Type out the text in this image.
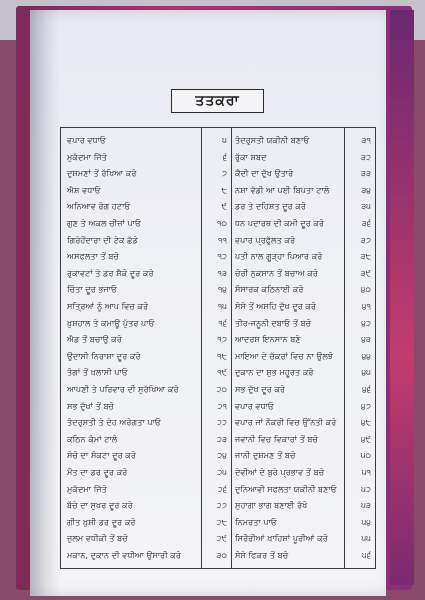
ਤਤਕਰਾ
ਵਪਾਰ ਵਧਾਓ	੫
ਮੁਕੱਦਮਾ ਜਿੱਤੋ	੬
ਦੁਸ਼ਮਣਾਂ ਤੋਂ ਰੱਖਿਆ ਕਰੋ	੭
ਐਸ਼ ਵਧਾਓ	੮
ਅਨਿਆਵ ਰੋਗ ਹਟਾਓ	੯
ਗੁਣ ਤੇ ਅਕਲ ਚੀਜ਼ਾਂ ਪਾਓ	੧੦
ਗਿਰੇਹੋਂਦਾਰਾ ਦੀ ਟੇਕ ਛੱਡੋ	੧੧
ਅਸਫਲਤਾ ਤੋਂ ਬਚੋ	੧੨
ਰੁਕਾਵਟਾਂ ਤੇ ਡਰ ਸ਼ੈਕੋ ਦੂਰ ਕਰੋ	੧੩
ਚਿੰਤਾ ਦੂਰ ਭਜਾਓ	੧੪
ਸਤ੍ਰਿਆਂ ਨੂੰ ਆਪ ਵਿਚ ਕਰੋ	੧੫
ਖੁਸ਼ਹਾਲ ਤੇ ਕਮਾਊ ਪੁੱਤਰ ਪਾਓ	੧੬
ਐਡ ਤੋਂ ਬਚਾਉ ਕਰੋ	੧੭
ਉਦਾਸੀ ਨਿਰਾਸ਼ਾ ਦੂਰ ਕਰੋ	੧੮
ਤੰਗਾਂ ਤੋਂ ਖ਼ਲਾਸੀ ਪਾਓ	੧੯
ਆਪਣੀ ਤੇ ਪਰਿਵਾਰ ਦੀ ਸੁਰੱਖਿਆ ਕਰੋ	੨੦
ਸਭ ਦੁੱਖਾਂ ਤੋਂ ਬਚੋ	੨੧
ਤੰਦਰੁਸਤੀ ਤੇ ਦੇਹ ਅਰੋਗਤਾ ਪਾਓ	੨੨
ਕਠਿਨ ਕੰਮਾਂ ਟਾਲੋ	੨੩
ਸੋਚੋ ਦਾ ਸੰਕਟਾ ਦੂਰ ਕਰੋ	੨੪
ਮੌਤ ਦਾ ਡਰ ਦੂਰ ਕਰੋ	੨੫
ਮੁਕੱਦਮਾ ਜਿੱਤੋ	੨੬
ਬੱਚੇ ਦਾ ਸੁਖਰ ਦੂਰ ਕਰੋ	੨੭
ਗੀਤ ਖ਼ੁਸ਼ੀ ਡਰ ਦੂਰ ਕਰੋ	੨੮
ਜ਼ੁਲਮ ਵਧੀਕੀ ਤੋਂ ਬਚੋ	੨੯
ਮਕਾਨ, ਦੁਕਾਨ ਦੀ ਵਧੀਆ ਉਸਾਰੀ ਕਰੋ	੩੦
ਤੰਦਰੁਸਤੀ ਯਕੀਨੀ ਬਣਾਓ	੩੧
ਰੁੱਕਾ ਸ਼ਬਦ	੩੨
ਕੈਦੀ ਦਾ ਦੁੱਖ ਉਤਾਰੋ	੩੩
ਨਸ਼ਾ ਵੱਡੀ ਆ ਪਈ ਬਿਪਤਾ ਟਾਲੋ	੩੪
ਡਰ ਤੇ ਦਹਿਸ਼ਤ ਦੂਰ ਕਰੋ	੩੫
ਧਨ ਪਦਾਰਥ ਦੀ ਕਮੀ ਦੂਰ ਕਰੋ	੩੬
ਵਪਾਰ ਪ੍ਰਫੁੱਲਤ ਕਰੋ	੩੭
ਪਤੀ ਨਾਲ ਗੂੜ੍ਹਾ ਪਿਆਰ ਕਰੋ	੩੮
ਚੋਰੀ ਨੁਕਸਾਨ ਤੋਂ ਬਚਾਅ ਕਰੋ	੩੯
ਸੰਸਾਰਕ ਕਠਿਨਾਈ ਕਰੋ	੪੦
ਸੋਸੇ ਤੋਂ ਅਸਹਿ ਦੁੱਖ ਦੂਰ ਕਰੋ	੪੧
ਤੀਰ-ਜਨੂਨੀ ਦਬਾਓ ਤੋਂ ਬਚੋ	੪੨
ਆਦਰਸ਼ ਇਨਸਾਨ ਬਣੋ	੪੩
ਮਾਇਆ ਦੇ ਚੱਕਰਾਂ ਵਿਚ ਨਾ ਉਲਝੋ	੪੪
ਦੁਕਾਨ ਦਾ ਸ਼ੁਭ ਮਹੂਰਤ ਕਰੋ	੪੫
ਸਭ ਦੁੱਖ ਦੂਰ ਕਰੋ	੪੬
ਵਪਾਰ ਵਧਾਓ	੪੭
ਵਪਾਰ ਜਾਂ ਨੌਕਰੀ ਵਿਚ ਉੱਨਤੀ ਕਰੋ	੪੮
ਜਵਾਨੀ ਵਿਚ ਵਿਕਾਰਾਂ ਤੋਂ ਬਚੋ	੪੯
ਜਾਨੀ ਦੁਸ਼ਮਣ ਤੋਂ ਬਚੋ	੫੦
ਦੇਵੀਆਂ ਦੇ ਬੁਰੇ ਪ੍ਰਭਾਵ ਤੋਂ ਬਚੋ	੫੧
ਦੁਨਿਆਵੀ ਸਫਲਤਾ ਯਕੀਨੀ ਬਣਾਓ	੫੨
ਸੁਹਾਗਾ ਭਾਗ ਬਣਾਈ ਰੱਖੋ	੫੩
ਨਿਮਰਤਾ ਪਾਓ	੫੪
ਸਿਰੌਰੀਆਂ ਖ਼ਾਹਿਸ਼ਾਂ ਪੂਰੀਆਂ ਕਰੋ	੫੫
ਸੋਸੇ ਫਿਕਰ ਤੋਂ ਬਚੋ	੫੬
